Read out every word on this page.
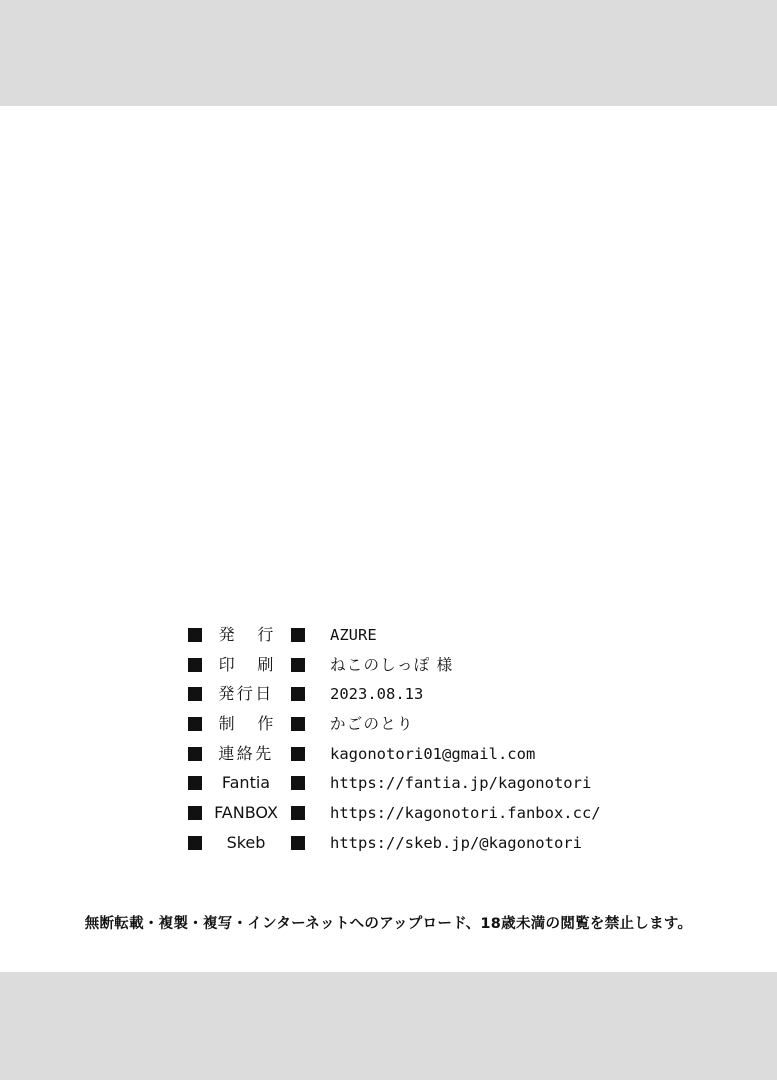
発 行	AZURE
印 刷	ねこのしっぽ 様
発行日	2023.08.13
制 作	かごのとり
連絡先	kagonotori01@gmail.com
Fantia	https://fantia.jp/kagonotori
FANBOX	https://kagonotori.fanbox.cc/
Skeb	https://skeb.jp/@kagonotori
無断転載・複製・複写・インターネットへのアップロード、18歳未満の閲覧を禁止します。
